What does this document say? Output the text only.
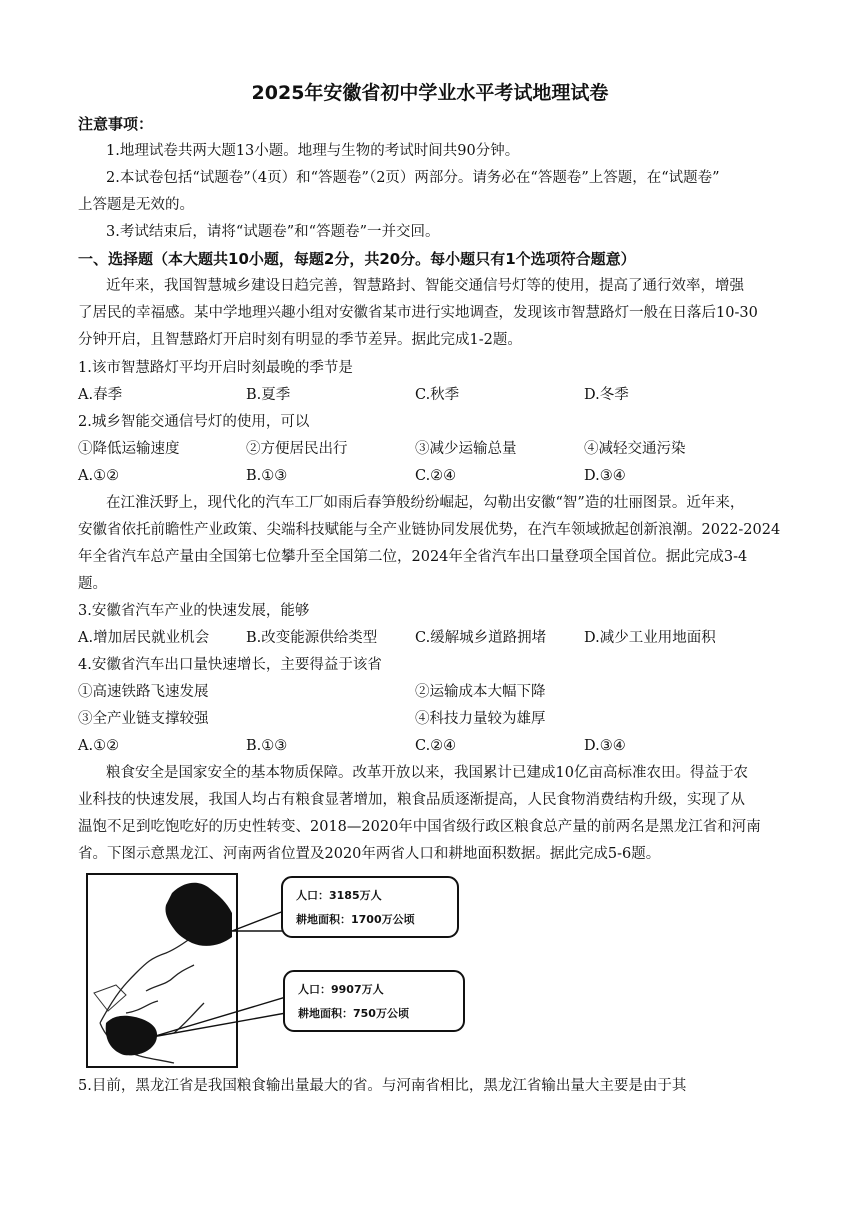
2025年安徽省初中学业水平考试地理试卷
注意事项：
1.地理试卷共两大题13小题。地理与生物的考试时间共90分钟。
2.本试卷包括“试题卷”（4页）和“答题卷”（2页）两部分。请务必在“答题卷”上答题，在“试题卷”
上答题是无效的。
3.考试结束后，请将“试题卷”和“答题卷”一并交回。
一、选择题（本大题共10小题，每题2分，共20分。每小题只有1个选项符合题意）
近年来，我国智慧城乡建设日趋完善，智慧路封、智能交通信号灯等的使用，提高了通行效率，增强
了居民的幸福感。某中学地理兴趣小组对安徽省某市进行实地调查，发现该市智慧路灯一般在日落后10-30
分钟开启，且智慧路灯开启时刻有明显的季节差异。据此完成1-2题。
1.该市智慧路灯平均开启时刻最晚的季节是
A.春季	B.夏季	C.秋季	D.冬季
2.城乡智能交通信号灯的使用，可以
①降低运输速度	②方便居民出行	③减少运输总量	④减轻交通污染
A.①②	B.①③	C.②④	D.③④
在江淮沃野上，现代化的汽车工厂如雨后春笋般纷纷崛起，勾勒出安徽“智”造的壮丽图景。近年来，
安徽省依托前瞻性产业政策、尖端科技赋能与全产业链协同发展优势，在汽车领域掀起创新浪潮。2022-2024
年全省汽车总产量由全国第七位攀升至全国第二位，2024年全省汽车出口量登项全国首位。据此完成3-4
题。
3.安徽省汽车产业的快速发展，能够
A.增加居民就业机会	B.改变能源供给类型	C.缓解城乡道路拥堵	D.减少工业用地面积
4.安徽省汽车出口量快速增长，主要得益于该省
①高速铁路飞速发展	②运输成本大幅下降
③全产业链支撑较强	④科技力量较为雄厚
A.①②	B.①③	C.②④	D.③④
粮食安全是国家安全的基本物质保障。改革开放以来，我国累计已建成10亿亩高标准农田。得益于农
业科技的快速发展，我国人均占有粮食显著增加，粮食品质逐渐提高，人民食物消费结构升级，实现了从
温饱不足到吃饱吃好的历史性转变、2018—2020年中国省级行政区粮食总产量的前两名是黑龙江省和河南
省。下图示意黑龙江、河南两省位置及2020年两省人口和耕地面积数据。据此完成5-6题。
人口：3185万人
耕地面积：1700万公顷
人口：9907万人
耕地面积：750万公顷
5.目前，黑龙江省是我国粮食输出量最大的省。与河南省相比，黑龙江省输出量大主要是由于其
